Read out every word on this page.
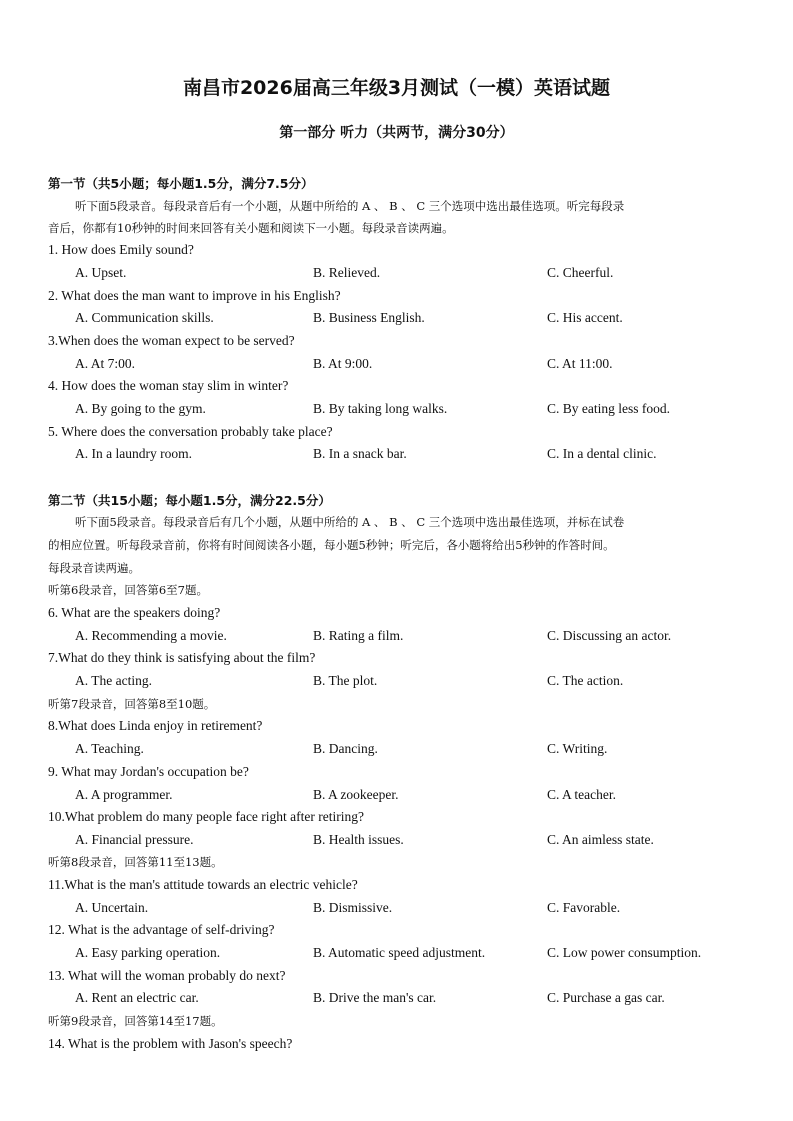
南昌市2026届高三年级3月测试（一模）英语试题
第一部分 听力（共两节，满分30分）
第一节（共5小题；每小题1.5分，满分7.5分）
听下面5段录音。每段录音后有一个小题，从题中所给的 A 、 B 、 C 三个选项中选出最佳选项。听完每段录
音后，你都有10秒钟的时间来回答有关小题和阅读下一小题。每段录音读两遍。
1. How does Emily sound?
A. Upset.	B. Relieved.	C. Cheerful.
2. What does the man want to improve in his English?
A. Communication skills.	B. Business English.	C. His accent.
3.When does the woman expect to be served?
A. At 7:00.	B. At 9:00.	C. At 11:00.
4. How does the woman stay slim in winter?
A. By going to the gym.	B. By taking long walks.	C. By eating less food.
5. Where does the conversation probably take place?
A. In a laundry room.	B. In a snack bar.	C. In a dental clinic.
第二节（共15小题；每小题1.5分，满分22.5分）
听下面5段录音。每段录音后有几个小题，从题中所给的 A 、 B 、 C 三个选项中选出最佳选项，并标在试卷
的相应位置。听每段录音前，你将有时间阅读各小题，每小题5秒钟；听完后，各小题将给出5秒钟的作答时间。
每段录音读两遍。
听第6段录音，回答第6至7题。
6. What are the speakers doing?
A. Recommending a movie.	B. Rating a film.	C. Discussing an actor.
7.What do they think is satisfying about the film?
A. The acting.	B. The plot.	C. The action.
听第7段录音，回答第8至10题。
8.What does Linda enjoy in retirement?
A. Teaching.	B. Dancing.	C. Writing.
9. What may Jordan's occupation be?
A. A programmer.	B. A zookeeper.	C. A teacher.
10.What problem do many people face right after retiring?
A. Financial pressure.	B. Health issues.	C. An aimless state.
听第8段录音，回答第11至13题。
11.What is the man's attitude towards an electric vehicle?
A. Uncertain.	B. Dismissive.	C. Favorable.
12. What is the advantage of self-driving?
A. Easy parking operation.	B. Automatic speed adjustment.	C. Low power consumption.
13. What will the woman probably do next?
A. Rent an electric car.	B. Drive the man's car.	C. Purchase a gas car.
听第9段录音，回答第14至17题。
14. What is the problem with Jason's speech?
